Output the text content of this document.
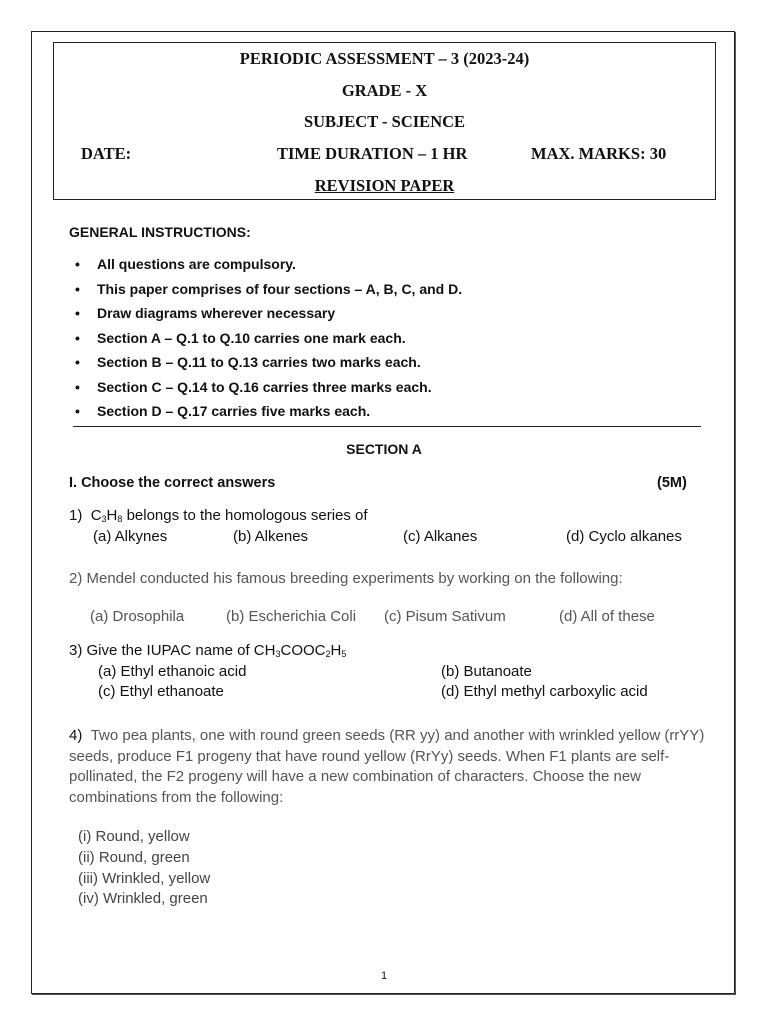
PERIODIC ASSESSMENT – 3 (2023-24)
GRADE - X
SUBJECT - SCIENCE
DATE:	TIME DURATION – 1 HR	MAX. MARKS: 30
REVISION PAPER
GENERAL INSTRUCTIONS:
• All questions are compulsory.
• This paper comprises of four sections – A, B, C, and D.
• Draw diagrams wherever necessary
• Section A – Q.1 to Q.10 carries one mark each.
• Section B – Q.11 to Q.13 carries two marks each.
• Section C – Q.14 to Q.16 carries three marks each.
• Section D – Q.17 carries five marks each.
SECTION A
I. Choose the correct answers	(5M)
1) $C_3H_8$ belongs to the homologous series of
(a) Alkynes	(b) Alkenes	(c) Alkanes	(d) Cyclo alkanes
2) Mendel conducted his famous breeding experiments by working on the following:
(a) Drosophila	(b) Escherichia Coli (c) Pisum Sativum	(d) All of these
3) Give the IUPAC name of $CH_3COOC_2H_5$
(a) Ethyl ethanoic acid	(b) Butanoate
(c) Ethyl ethanoate	(d) Ethyl methyl carboxylic acid
4) Two pea plants, one with round green seeds (RR yy) and another with wrinkled yellow (rrYY) seeds, produce F1 progeny that have round yellow (RrYy) seeds. When F1 plants are self-pollinated, the F2 progeny will have a new combination of characters. Choose the new combinations from the following:
(i) Round, yellow
(ii) Round, green
(iii) Wrinkled, yellow
(iv) Wrinkled, green
1
